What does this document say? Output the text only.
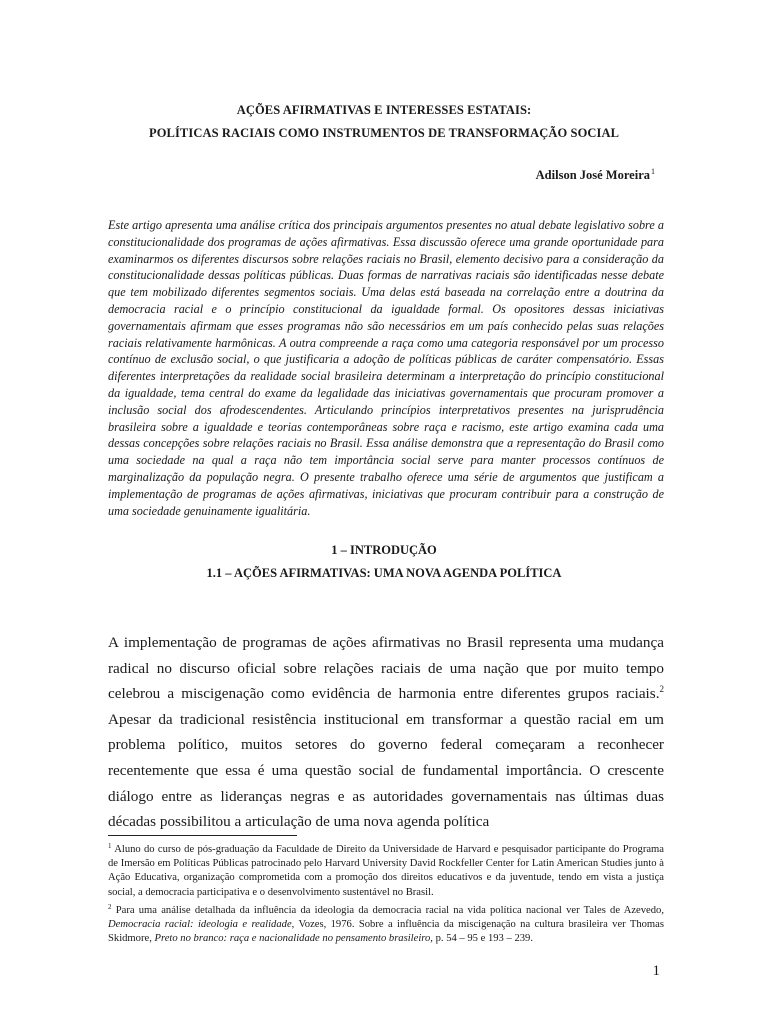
AÇÕES AFIRMATIVAS E INTERESSES ESTATAIS:
POLÍTICAS RACIAIS COMO INSTRUMENTOS DE TRANSFORMAÇÃO SOCIAL
Adilson José Moreira$^1$

Este artigo apresenta uma análise crítica dos principais argumentos presentes no atual debate legislativo sobre a constitucionalidade dos programas de ações afirmativas. Essa discussão oferece uma grande oportunidade para examinarmos os diferentes discursos sobre relações raciais no Brasil, elemento decisivo para a consideração da constitucionalidade dessas políticas públicas. Duas formas de narrativas raciais são identificadas nesse debate que tem mobilizado diferentes segmentos sociais. Uma delas está baseada na correlação entre a doutrina da democracia racial e o princípio constitucional da igualdade formal. Os opositores dessas iniciativas governamentais afirmam que esses programas não são necessários em um país conhecido pelas suas relações raciais relativamente harmônicas. A outra compreende a raça como uma categoria responsável por um processo contínuo de exclusão social, o que justificaria a adoção de políticas públicas de caráter compensatório. Essas diferentes interpretações da realidade social brasileira determinam a interpretação do princípio constitucional da igualdade, tema central do exame da legalidade das iniciativas governamentais que procuram promover a inclusão social dos afrodescendentes. Articulando princípios interpretativos presentes na jurisprudência brasileira sobre a igualdade e teorias contemporâneas sobre raça e racismo, este artigo examina cada uma dessas concepções sobre relações raciais no Brasil. Essa análise demonstra que a representação do Brasil como uma sociedade na qual a raça não tem importância social serve para manter processos contínuos de marginalização da população negra. O presente trabalho oferece uma série de argumentos que justificam a implementação de programas de ações afirmativas, iniciativas que procuram contribuir para a construção de uma sociedade genuinamente igualitária.

1 – INTRODUÇÃO
1.1 – AÇÕES AFIRMATIVAS: UMA NOVA AGENDA POLÍTICA

A implementação de programas de ações afirmativas no Brasil representa uma mudança radical no discurso oficial sobre relações raciais de uma nação que por muito tempo celebrou a miscigenação como evidência de harmonia entre diferentes grupos raciais.$^2$ Apesar da tradicional resistência institucional em transformar a questão racial em um problema político, muitos setores do governo federal começaram a reconhecer recentemente que essa é uma questão social de fundamental importância. O crescente diálogo entre as lideranças negras e as autoridades governamentais nas últimas duas décadas possibilitou a articulação de uma nova agenda política

$^1$ Aluno do curso de pós-graduação da Faculdade de Direito da Universidade de Harvard e pesquisador participante do Programa de Imersão em Políticas Públicas patrocinado pelo Harvard University David Rockfeller Center for Latin American Studies junto à Ação Educativa, organização comprometida com a promoção dos direitos educativos e da juventude, tendo em vista a justiça social, a democracia participativa e o desenvolvimento sustentável no Brasil.

$^2$ Para uma análise detalhada da influência da ideologia da democracia racial na vida política nacional ver Tales de Azevedo, Democracia racial: ideologia e realidade, Vozes, 1976. Sobre a influência da miscigenação na cultura brasileira ver Thomas Skidmore, Preto no branco: raça e nacionalidade no pensamento brasileiro, p. 54 – 95 e 193 – 239.

1
